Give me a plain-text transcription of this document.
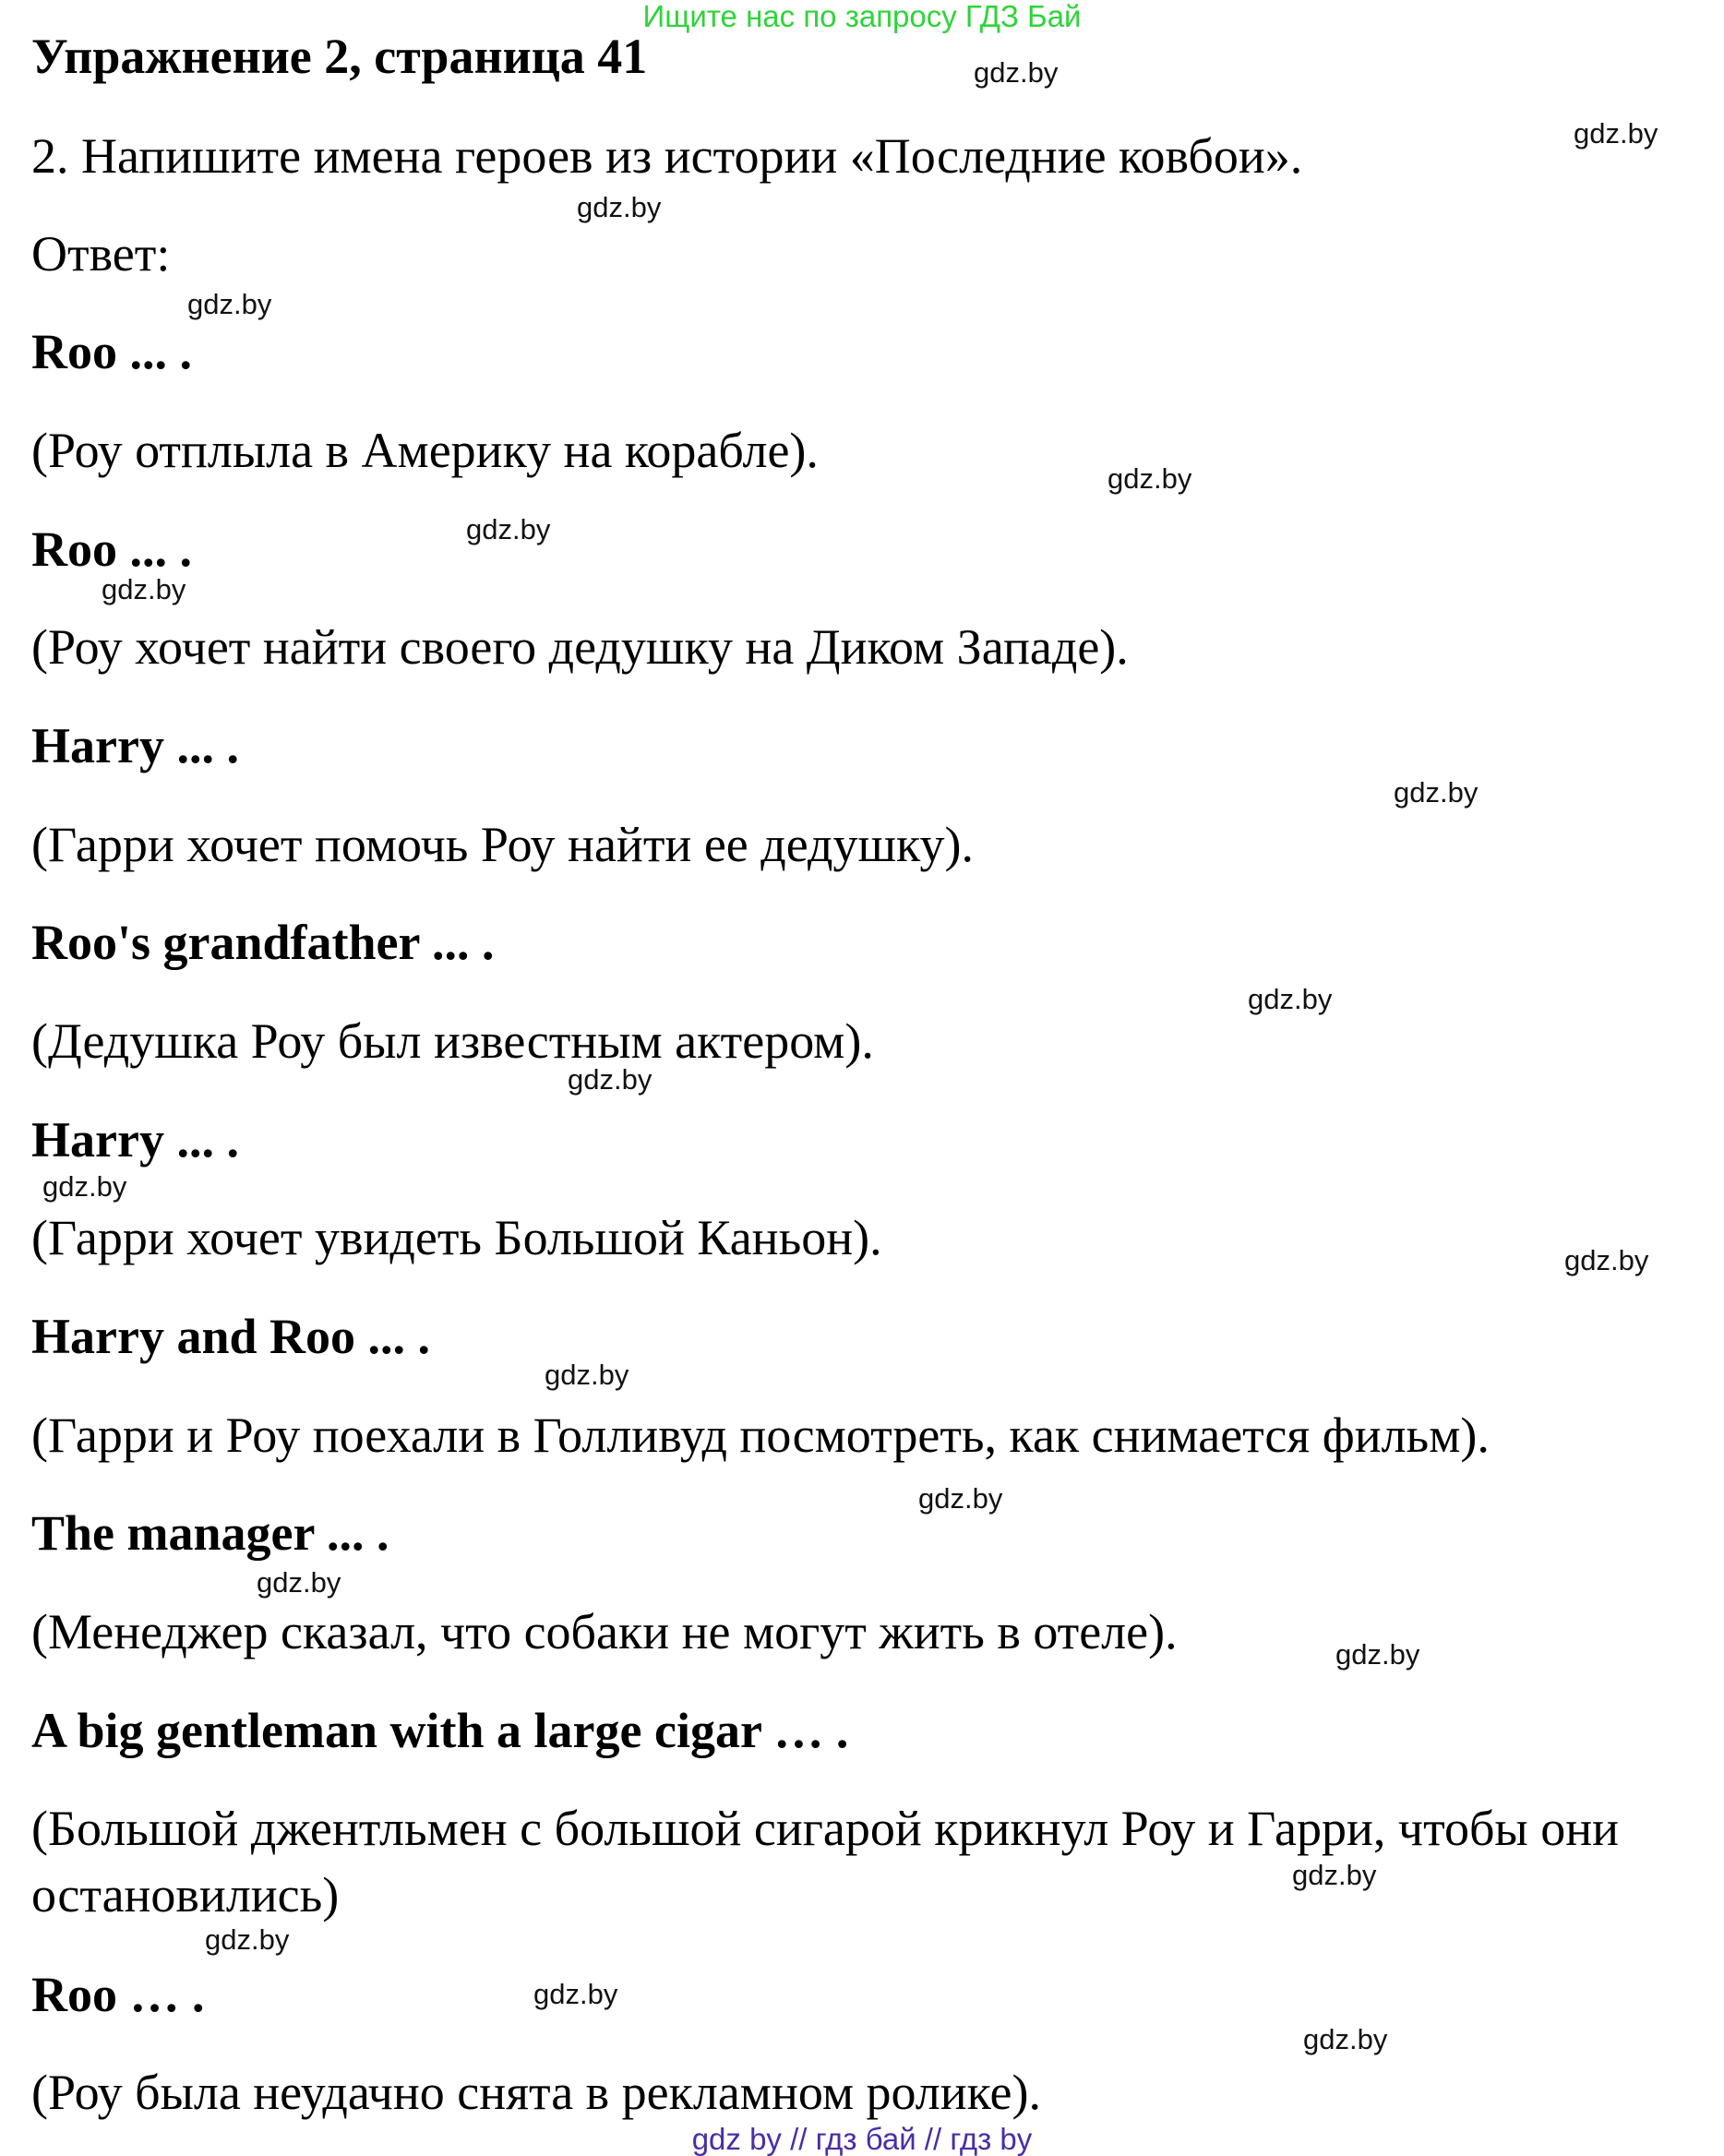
Ищите нас по запросу ГДЗ Бай
Упражнение 2, страница 41
2. Напишите имена героев из истории «Последние ковбои».
Ответ:
Roo ... .
(Роу отплыла в Америку на корабле).
Roo ... .
(Роу хочет найти своего дедушку на Диком Западе).
Harry ... .
(Гарри хочет помочь Роу найти ее дедушку).
Roo's grandfather ... .
(Дедушка Роу был известным актером).
Harry ... .
(Гарри хочет увидеть Большой Каньон).
Harry and Roo ... .
(Гарри и Роу поехали в Голливуд посмотреть, как снимается фильм).
The manager ... .
(Менеджер сказал, что собаки не могут жить в отеле).
A big gentleman with a large cigar … .
(Большой джентльмен с большой сигарой крикнул Роу и Гарри, чтобы они остановились)
Roo … .
(Роу была неудачно снята в рекламном ролике).
gdz.by
gdz.by
gdz.by
gdz.by
gdz.by
gdz.by
gdz.by
gdz.by
gdz.by
gdz.by
gdz.by
gdz.by
gdz.by
gdz.by
gdz.by
gdz.by
gdz.by
gdz.by
gdz.by
gdz.by
gdz by // гдз бай // гдз by
